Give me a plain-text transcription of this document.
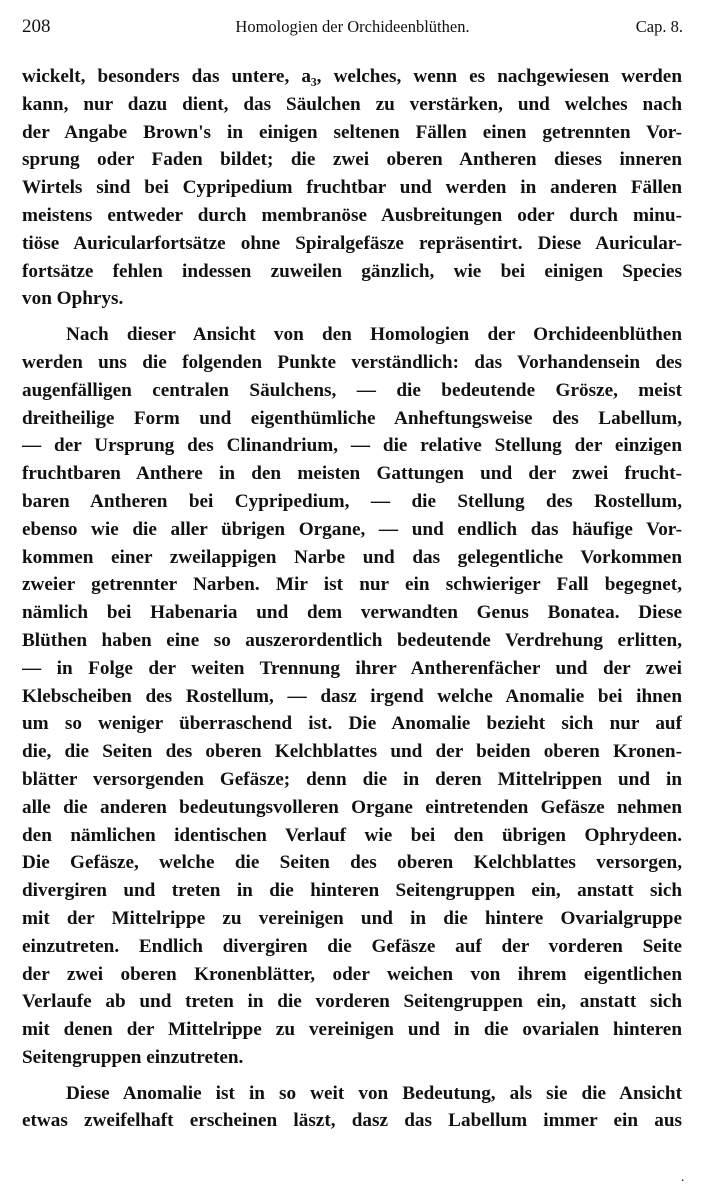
208	Homologien der Orchideenblüthen.	Cap. 8.
wickelt, besonders das untere, a₃, welches, wenn es nachgewiesen werden
kann, nur dazu dient, das Säulchen zu verstärken, und welches nach
der Angabe Brown's in einigen seltenen Fällen einen getrennten Vor-
sprung oder Faden bildet; die zwei oberen Antheren dieses inneren
Wirtels sind bei Cypripedium fruchtbar und werden in anderen Fällen
meistens entweder durch membranöse Ausbreitungen oder durch minu-
tiöse Auricularfortsätze ohne Spiralgefäsze repräsentirt. Diese Auricular-
fortsätze fehlen indessen zuweilen gänzlich, wie bei einigen Species
von Ophrys.
Nach dieser Ansicht von den Homologien der Orchideenblüthen
werden uns die folgenden Punkte verständlich: das Vorhandensein des
augenfälligen centralen Säulchens, — die bedeutende Grösze, meist
dreitheilige Form und eigenthümliche Anheftungsweise des Labellum,
— der Ursprung des Clinandrium, — die relative Stellung der einzigen
fruchtbaren Anthere in den meisten Gattungen und der zwei frucht-
baren Antheren bei Cypripedium, — die Stellung des Rostellum,
ebenso wie die aller übrigen Organe, — und endlich das häufige Vor-
kommen einer zweilappigen Narbe und das gelegentliche Vorkommen
zweier getrennter Narben. Mir ist nur ein schwieriger Fall begegnet,
nämlich bei Habenaria und dem verwandten Genus Bonatea. Diese
Blüthen haben eine so auszerordentlich bedeutende Verdrehung erlitten,
— in Folge der weiten Trennung ihrer Antherenfächer und der zwei
Klebscheiben des Rostellum, — dasz irgend welche Anomalie bei ihnen
um so weniger überraschend ist. Die Anomalie bezieht sich nur auf
die, die Seiten des oberen Kelchblattes und der beiden oberen Kronen-
blätter versorgenden Gefäsze; denn die in deren Mittelrippen und in
alle die anderen bedeutungsvolleren Organe eintretenden Gefäsze nehmen
den nämlichen identischen Verlauf wie bei den übrigen Ophrydeen.
Die Gefäsze, welche die Seiten des oberen Kelchblattes versorgen,
divergiren und treten in die hinteren Seitengruppen ein, anstatt sich
mit der Mittelrippe zu vereinigen und in die hintere Ovarialgruppe
einzutreten. Endlich divergiren die Gefäsze auf der vorderen Seite
der zwei oberen Kronenblätter, oder weichen von ihrem eigentlichen
Verlaufe ab und treten in die vorderen Seitengruppen ein, anstatt sich
mit denen der Mittelrippe zu vereinigen und in die ovarialen hinteren
Seitengruppen einzutreten.
Diese Anomalie ist in so weit von Bedeutung, als sie die Ansicht
etwas zweifelhaft erscheinen läszt, dasz das Labellum immer ein aus
·
